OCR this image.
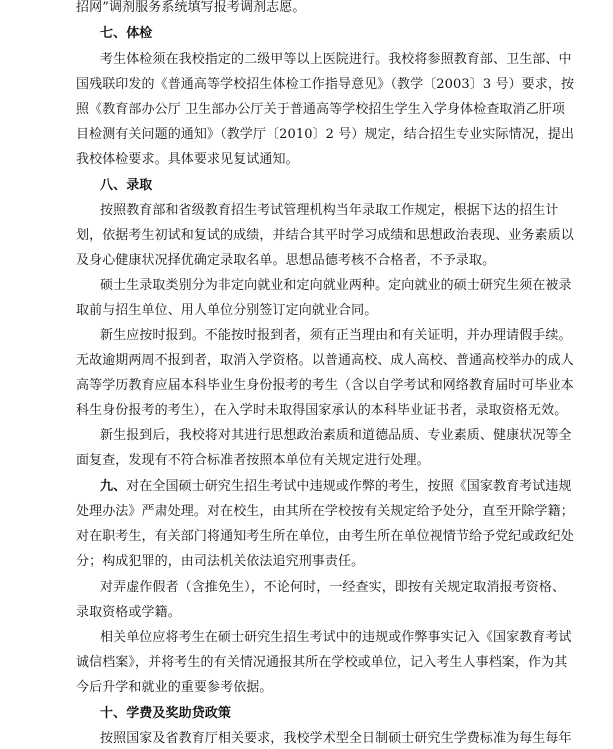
招网”调剂服务系统填写报考调剂志愿。
七、体检
考生体检须在我校指定的二级甲等以上医院进行。我校将参照教育部、卫生部、中
国残联印发的《普通高等学校招生体检工作指导意见》（教学〔2003〕3 号）要求，按
照《教育部办公厅 卫生部办公厅关于普通高等学校招生学生入学身体检查取消乙肝项
目检测有关问题的通知》（教学厅〔2010〕2 号）规定，结合招生专业实际情况，提出
我校体检要求。具体要求见复试通知。
八、录取
按照教育部和省级教育招生考试管理机构当年录取工作规定，根据下达的招生计
划，依据考生初试和复试的成绩，并结合其平时学习成绩和思想政治表现、业务素质以
及身心健康状况择优确定录取名单。思想品德考核不合格者，不予录取。
硕士生录取类别分为非定向就业和定向就业两种。定向就业的硕士研究生须在被录
取前与招生单位、用人单位分别签订定向就业合同。
新生应按时报到。不能按时报到者，须有正当理由和有关证明，并办理请假手续。
无故逾期两周不报到者，取消入学资格。以普通高校、成人高校、普通高校举办的成人
高等学历教育应届本科毕业生身份报考的考生（含以自学考试和网络教育届时可毕业本
科生身份报考的考生），在入学时未取得国家承认的本科毕业证书者，录取资格无效。
新生报到后，我校将对其进行思想政治素质和道德品质、专业素质、健康状况等全
面复查，发现有不符合标准者按照本单位有关规定进行处理。
九、对在全国硕士研究生招生考试中违规或作弊的考生，按照《国家教育考试违规
处理办法》严肃处理。对在校生，由其所在学校按有关规定给予处分，直至开除学籍；
对在职考生，有关部门将通知考生所在单位，由考生所在单位视情节给予党纪或政纪处
分；构成犯罪的，由司法机关依法追究刑事责任。
对弄虚作假者（含推免生），不论何时，一经查实，即按有关规定取消报考资格、
录取资格或学籍。
相关单位应将考生在硕士研究生招生考试中的违规或作弊事实记入《国家教育考试
诚信档案》，并将考生的有关情况通报其所在学校或单位，记入考生人事档案，作为其
今后升学和就业的重要参考依据。
十、学费及奖助贷政策
按照国家及省教育厅相关要求，我校学术型全日制硕士研究生学费标准为每生每年
